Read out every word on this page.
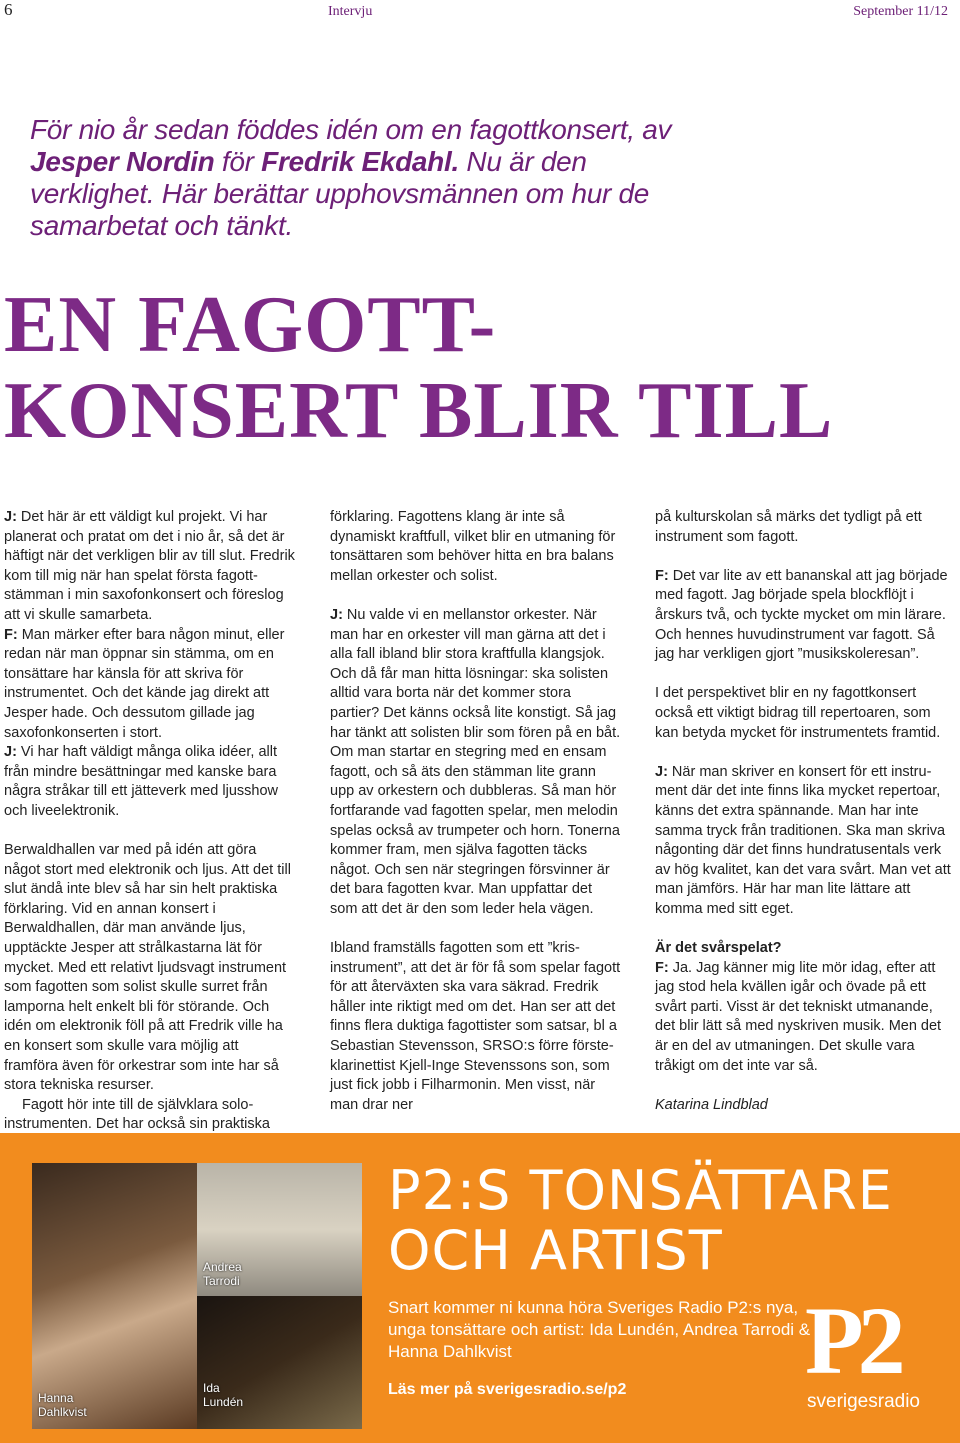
6	Intervju	September 11/12
För nio år sedan föddes idén om en fagottkonsert, av Jesper Nordin för Fredrik Ekdahl. Nu är den verklighet. Här berättar upphovsmännen om hur de samarbetat och tänkt.
EN FAGOTT-
KONSERT BLIR TILL

J: Det här är ett väldigt kul projekt. Vi har planerat och pratat om det i nio år, så det är häftigt när det verkligen blir av till slut. Fredrik kom till mig när han spelat första fagottstämman i min saxofonkonsert och föreslog att vi skulle samarbeta.

F: Man märker efter bara någon minut, eller redan när man öppnar sin stämma, om en tonsättare har känsla för att skriva för instrumentet. Och det kände jag direkt att Jesper hade. Och dessutom gillade jag saxofonkonserten i stort.

J: Vi har haft väldigt många olika idéer, allt från mindre besättningar med kanske bara några stråkar till ett jätteverk med ljusshow och liveelektronik.

Berwaldhallen var med på idén att göra något stort med elektronik och ljus. Att det till slut ändå inte blev så har sin helt praktiska förklaring. Vid en annan konsert i Berwaldhallen, där man använde ljus, upptäckte Jesper att strålkastarna lät för mycket. Med ett relativt ljudsvagt instrument som fagotten som solist skulle surret från lamporna helt enkelt bli för störande. Och idén om elektronik föll på att Fredrik ville ha en konsert som skulle vara möjlig att framföra även för orkestrar som inte har så stora tekniska resurser.

Fagott hör inte till de självklara soloinstrumenten. Det har också sin praktiska

förklaring. Fagottens klang är inte så dynamiskt kraftfull, vilket blir en utmaning för tonsättaren som behöver hitta en bra balans mellan orkester och solist.

J: Nu valde vi en mellanstor orkester. När man har en orkester vill man gärna att det i alla fall ibland blir stora kraftfulla klangsjok. Och då får man hitta lösningar: ska solisten alltid vara borta när det kommer stora partier? Det känns också lite konstigt. Så jag har tänkt att solisten blir som fören på en båt. Om man startar en stegring med en ensam fagott, och så äts den stämman lite grann upp av orkestern och dubbleras. Så man hör fortfarande vad fagotten spelar, men melodin spelas också av trumpeter och horn. Tonerna kommer fram, men själva fagotten täcks något. Och sen när stegringen försvinner är det bara fagotten kvar. Man uppfattar det som att det är den som leder hela vägen.

Ibland framställs fagotten som ett ”krisinstrument”, att det är för få som spelar fagott för att återväxten ska vara säkrad. Fredrik håller inte riktigt med om det. Han ser att det finns flera duktiga fagottister som satsar, bl a Sebastian Stevensson, SRSO:s förre försteklarinettist Kjell-Inge Stevenssons son, som just fick jobb i Filharmonin. Men visst, när man drar ner

på kulturskolan så märks det tydligt på ett instrument som fagott.

F: Det var lite av ett bananskal att jag började med fagott. Jag började spela blockflöjt i årskurs två, och tyckte mycket om min lärare. Och hennes huvudinstrument var fagott. Så jag har verkligen gjort ”musikskoleresan”.

I det perspektivet blir en ny fagottkonsert också ett viktigt bidrag till repertoaren, som kan betyda mycket för instrumentets framtid.

J: När man skriver en konsert för ett instrument där det inte finns lika mycket repertoar, känns det extra spännande. Man har inte samma tryck från traditionen. Ska man skriva någonting där det finns hundratusentals verk av hög kvalitet, kan det vara svårt. Man vet att man jämförs. Här har man lite lättare att komma med sitt eget.

Är det svårspelat?

F: Ja. Jag känner mig lite mör idag, efter att jag stod hela kvällen igår och övade på ett svårt parti. Visst är det tekniskt utmanande, det blir lätt så med nyskriven musik. Men det är en del av utmaningen. Det skulle vara tråkigt om det inte var så.

Katarina Lindblad

Hanna
Dahlkvist
Andrea
Tarrodi
Ida
Lundén
P2:S TONSÄTTARE
OCH ARTIST
Snart kommer ni kunna höra Sveriges Radio P2:s nya, unga tonsättare och artist: Ida Lundén, Andrea Tarrodi & Hanna Dahlkvist
Läs mer på sverigesradio.se/p2 P2
sverigesradio
